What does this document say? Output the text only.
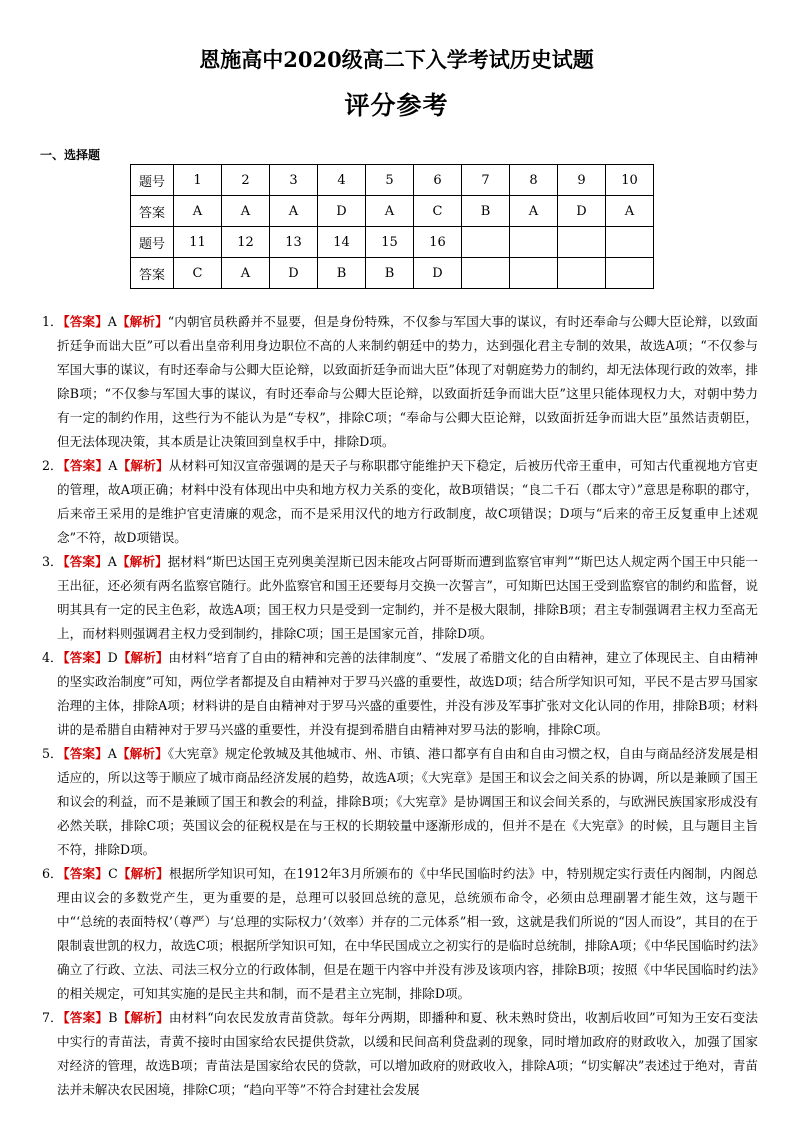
恩施高中2020级高二下入学考试历史试题
评分参考
一、选择题
题号	1	2	3	4	5	6	7	8	9	10
答案	A	A	A	D	A	C	B	A	D	A
题号	11	12	13	14	15	16				
答案	C	A	D	B	B	D				

1．
【答案】A【解析】“内朝官员秩爵并不显要，但是身份特殊，不仅参与军国大事的谋议，有时还奉命与公卿大臣论辩，以致面折廷争而诎大臣”可以看出皇帝利用身边职位不高的人来制约朝廷中的势力，达到强化君主专制的效果，故选A项；“不仅参与军国大事的谋议，有时还奉命与公卿大臣论辩，以致面折廷争而诎大臣”体现了对朝庭势力的制约，却无法体现行政的效率，排除B项；“不仅参与军国大事的谋议，有时还奉命与公卿大臣论辩，以致面折廷争而诎大臣”这里只能体现权力大，对朝中势力有一定的制约作用，这些行为不能认为是“专权”，排除C项；“奉命与公卿大臣论辩，以致面折廷争而诎大臣”虽然诘责朝臣，但无法体现决策，其本质是让决策回到皇权手中，排除D项。

2．
【答案】A【解析】从材料可知汉宣帝强调的是天子与称职郡守能维护天下稳定，后被历代帝王重申，可知古代重视地方官吏的管理，故A项正确；材料中没有体现出中央和地方权力关系的变化，故B项错误；“良二千石（郡太守）”意思是称职的郡守，后来帝王采用的是维护官吏清廉的观念，而不是采用汉代的地方行政制度，故C项错误；D项与“后来的帝王反复重申上述观念”不符，故D项错误。

3．
【答案】A【解析】据材料“斯巴达国王克列奥美涅斯已因未能攻占阿哥斯而遭到监察官审判”“斯巴达人规定两个国王中只能一王出征，还必须有两名监察官随行。此外监察官和国王还要每月交换一次誓言”，可知斯巴达国王受到监察官的制约和监督，说明其具有一定的民主色彩，故选A项；国王权力只是受到一定制约，并不是极大限制，排除B项；君主专制强调君主权力至高无上，而材料则强调君主权力受到制约，排除C项；国王是国家元首，排除D项。

4．
【答案】D【解析】由材料“培育了自由的精神和完善的法律制度”、“发展了希腊文化的自由精神，建立了体现民主、自由精神的坚实政治制度”可知，两位学者都提及自由精神对于罗马兴盛的重要性，故选D项；结合所学知识可知，平民不是古罗马国家治理的主体，排除A项；材料讲的是自由精神对于罗马兴盛的重要性，并没有涉及军事扩张对文化认同的作用，排除B项；材料讲的是希腊自由精神对于罗马兴盛的重要性，并没有提到希腊自由精神对罗马法的影响，排除C项。

5．
【答案】A【解析】《大宪章》规定伦敦城及其他城市、州、市镇、港口都享有自由和自由习惯之权，自由与商品经济发展是相适应的，所以这等于顺应了城市商品经济发展的趋势，故选A项；《大宪章》是国王和议会之间关系的协调，所以是兼顾了国王和议会的利益，而不是兼顾了国王和教会的利益，排除B项；《大宪章》是协调国王和议会间关系的，与欧洲民族国家形成没有必然关联，排除C项；英国议会的征税权是在与王权的长期较量中逐渐形成的，但并不是在《大宪章》的时候，且与题目主旨不符，排除D项。

6．
【答案】C【解析】根据所学知识可知，在1912年3月所颁布的《中华民国临时约法》中，特别规定实行责任内阁制，内阁总理由议会的多数党产生，更为重要的是，总理可以驳回总统的意见，总统颁布命令，必须由总理副署才能生效，这与题干中“‘总统的表面特权’（尊严）与‘总理的实际权力’（效率）并存的二元体系”相一致，这就是我们所说的“因人而设”，其目的在于限制袁世凯的权力，故选C项；根据所学知识可知，在中华民国成立之初实行的是临时总统制，排除A项；《中华民国临时约法》确立了行政、立法、司法三权分立的行政体制，但是在题干内容中并没有涉及该项内容，排除B项；按照《中华民国临时约法》的相关规定，可知其实施的是民主共和制，而不是君主立宪制，排除D项。

7．
【答案】B【解析】由材料“向农民发放青苗贷款。每年分两期，即播种和夏、秋未熟时贷出，收割后收回”可知为王安石变法中实行的青苗法，青黄不接时由国家给农民提供贷款，以缓和民间高利贷盘剥的现象，同时增加政府的财政收入，加强了国家对经济的管理，故选B项；青苗法是国家给农民的贷款，可以增加政府的财政收入，排除A项；“切实解决”表述过于绝对，青苗法并未解决农民困境，排除C项；“趋向平等”不符合封建社会发展
